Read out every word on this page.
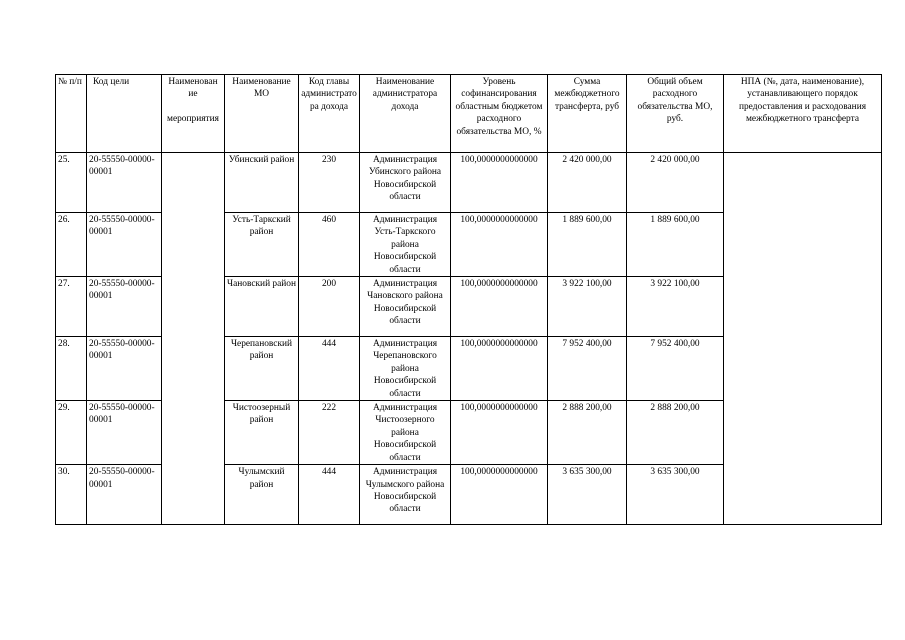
№ п/п	Код цели	Наименован
ие
мероприятия	Наименование МО	Код главы администратора дохода	Наименование администратора дохода	Уровень софинансирования областным бюджетом расходного обязательства МО, %	Сумма межбюджетного трансферта, руб	Общий объем расходного обязательства МО, руб.	НПА (№, дата, наименование), устанавливающего порядок предоставления и расходования межбюджетного трансферта
25.	20-55550-00000-00001		Убинский район	230	Администрация Убинского района Новосибирской области	100,0000000000000	2 420 000,00	2 420 000,00	
26.	20-55550-00000-00001		Усть-Таркский район	460	Администрация Усть-Таркского района Новосибирской области	100,0000000000000	1 889 600,00	1 889 600,00	
27.	20-55550-00000-00001		Чановский район	200	Администрация Чановского района Новосибирской области	100,0000000000000	3 922 100,00	3 922 100,00	
28.	20-55550-00000-00001		Черепановский район	444	Администрация Черепановского района Новосибирской области	100,0000000000000	7 952 400,00	7 952 400,00	
29.	20-55550-00000-00001		Чистоозерный район	222	Администрация Чистоозерного района Новосибирской области	100,0000000000000	2 888 200,00	2 888 200,00	
30.	20-55550-00000-00001		Чулымский район	444	Администрация Чулымского района Новосибирской области	100,0000000000000	3 635 300,00	3 635 300,00	
